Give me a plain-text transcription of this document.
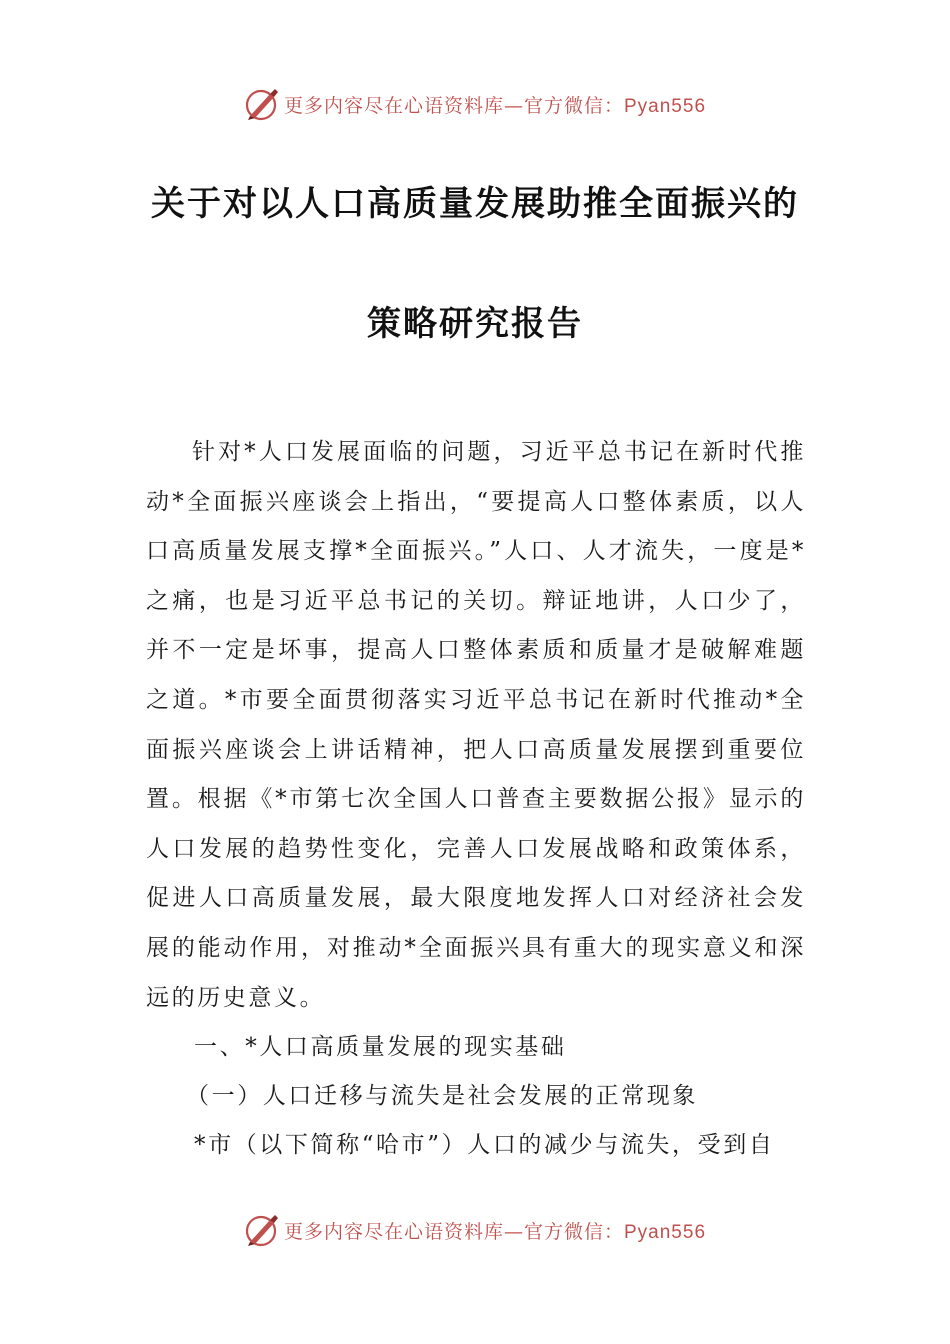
更多内容尽在心语资料库—官方微信：Pyan556
关于对以人口高质量发展助推全面振兴的
策略研究报告

针对*人口发展面临的问题，习近平总书记在新时代推动*全面振兴座谈会上指出，“要提高人口整体素质，以人口高质量发展支撑*全面振兴。”人口、人才流失，一度是*之痛，也是习近平总书记的关切。辩证地讲，人口少了，并不一定是坏事，提高人口整体素质和质量才是破解难题之道。*市要全面贯彻落实习近平总书记在新时代推动*全面振兴座谈会上讲话精神，把人口高质量发展摆到重要位置。根据《*市第七次全国人口普查主要数据公报》显示的人口发展的趋势性变化，完善人口发展战略和政策体系，促进人口高质量发展，最大限度地发挥人口对经济社会发展的能动作用，对推动*全面振兴具有重大的现实意义和深远的历史意义。

一、*人口高质量发展的现实基础

（一）人口迁移与流失是社会发展的正常现象

*市（以下简称“哈市”）人口的减少与流失，受到自

更多内容尽在心语资料库—官方微信：Pyan556
